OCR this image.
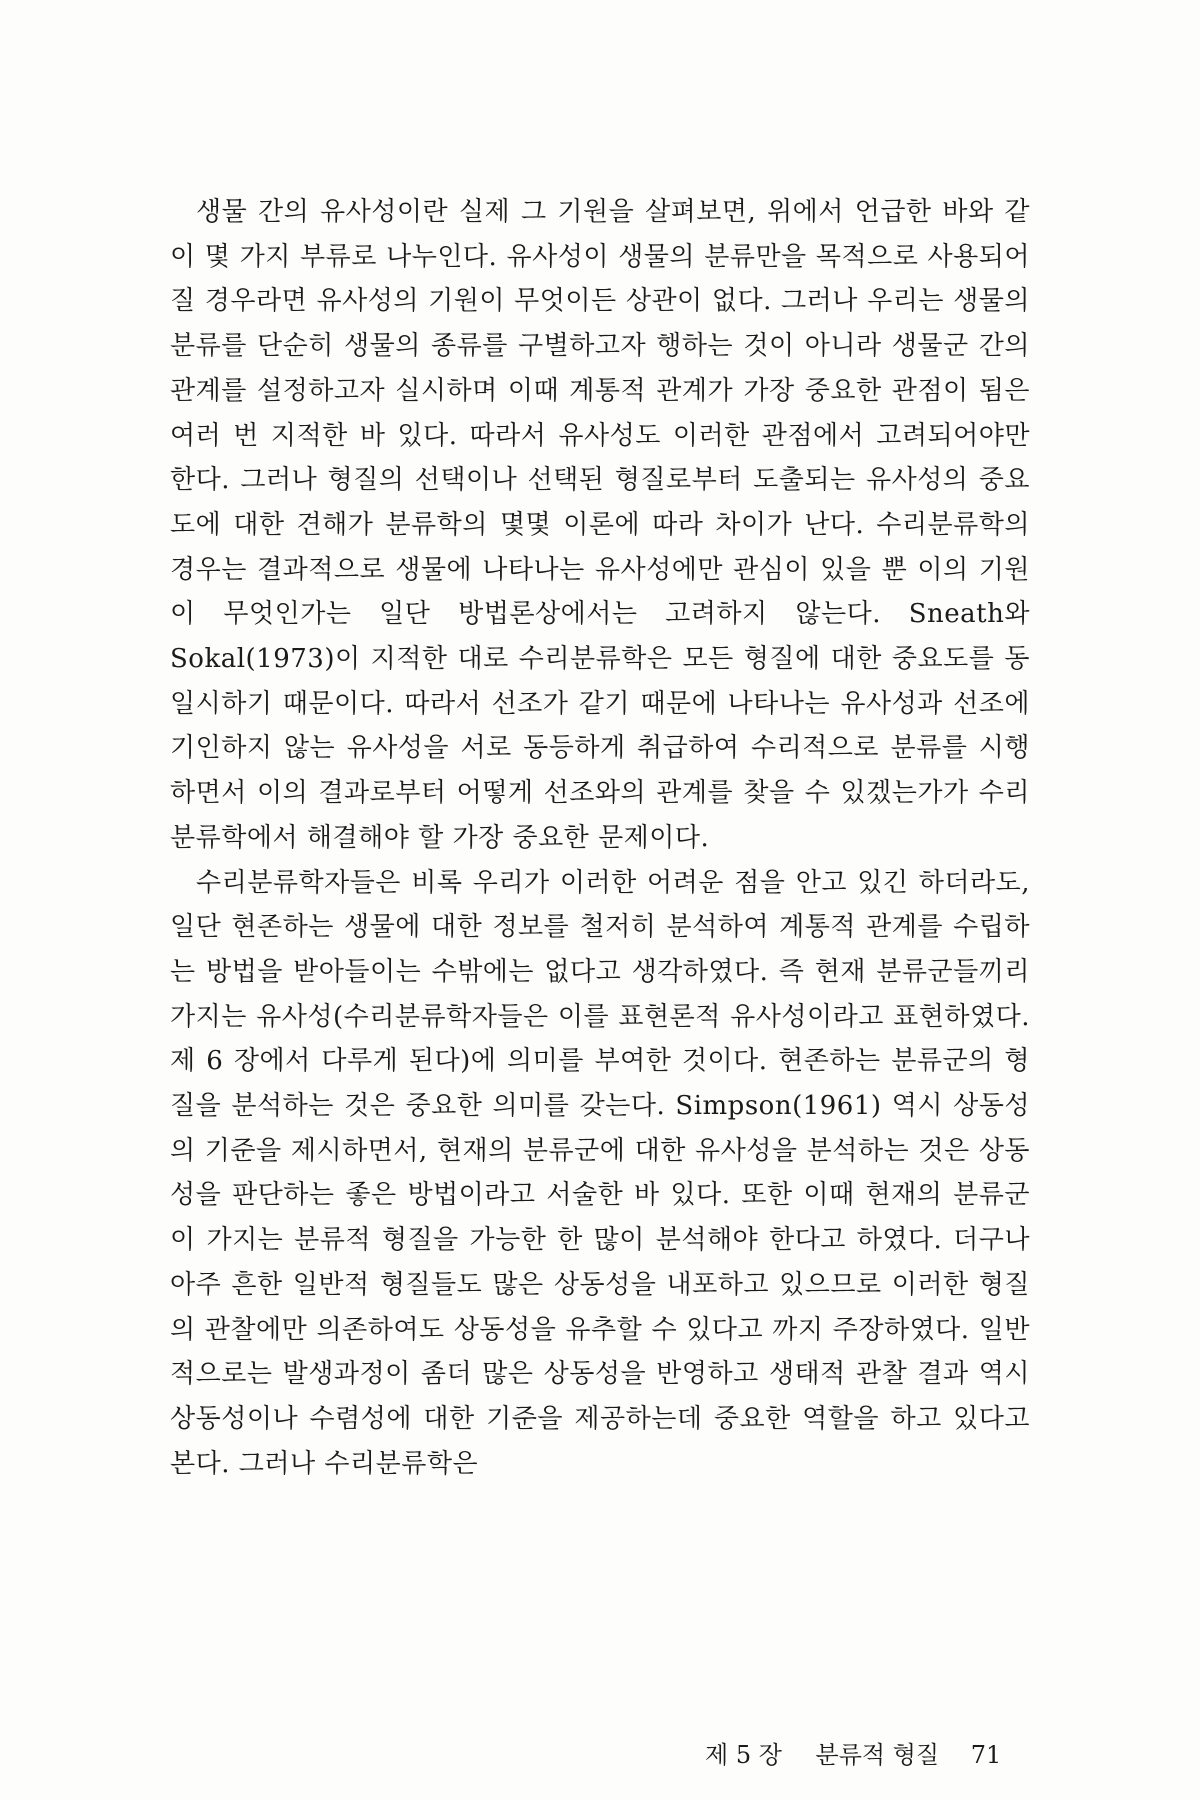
생물 간의 유사성이란 실제 그 기원을 살펴보면, 위에서 언급한 바와 같이 몇 가지 부류로 나누인다. 유사성이 생물의 분류만을 목적으로 사용되어질 경우라면 유사성의 기원이 무엇이든 상관이 없다. 그러나 우리는 생물의 분류를 단순히 생물의 종류를 구별하고자 행하는 것이 아니라 생물군 간의 관계를 설정하고자 실시하며 이때 계통적 관계가 가장 중요한 관점이 됨은 여러 번 지적한 바 있다. 따라서 유사성도 이러한 관점에서 고려되어야만 한다. 그러나 형질의 선택이나 선택된 형질로부터 도출되는 유사성의 중요도에 대한 견해가 분류학의 몇몇 이론에 따라 차이가 난다. 수리분류학의 경우는 결과적으로 생물에 나타나는 유사성에만 관심이 있을 뿐 이의 기원이 무엇인가는 일단 방법론상에서는 고려하지 않는다. Sneath와 Sokal(1973)이 지적한 대로 수리분류학은 모든 형질에 대한 중요도를 동일시하기 때문이다. 따라서 선조가 같기 때문에 나타나는 유사성과 선조에 기인하지 않는 유사성을 서로 동등하게 취급하여 수리적으로 분류를 시행하면서 이의 결과로부터 어떻게 선조와의 관계를 찾을 수 있겠는가가 수리분류학에서 해결해야 할 가장 중요한 문제이다.

수리분류학자들은 비록 우리가 이러한 어려운 점을 안고 있긴 하더라도, 일단 현존하는 생물에 대한 정보를 철저히 분석하여 계통적 관계를 수립하는 방법을 받아들이는 수밖에는 없다고 생각하였다. 즉 현재 분류군들끼리 가지는 유사성(수리분류학자들은 이를 표현론적 유사성이라고 표현하였다. 제 6 장에서 다루게 된다)에 의미를 부여한 것이다. 현존하는 분류군의 형질을 분석하는 것은 중요한 의미를 갖는다. Simpson(1961) 역시 상동성의 기준을 제시하면서, 현재의 분류군에 대한 유사성을 분석하는 것은 상동성을 판단하는 좋은 방법이라고 서술한 바 있다. 또한 이때 현재의 분류군이 가지는 분류적 형질을 가능한 한 많이 분석해야 한다고 하였다. 더구나 아주 흔한 일반적 형질들도 많은 상동성을 내포하고 있으므로 이러한 형질의 관찰에만 의존하여도 상동성을 유추할 수 있다고 까지 주장하였다. 일반적으로는 발생과정이 좀더 많은 상동성을 반영하고 생태적 관찰 결과 역시 상동성이나 수렴성에 대한 기준을 제공하는데 중요한 역할을 하고 있다고 본다. 그러나 수리분류학은

제 5 장 분류적 형질 71
